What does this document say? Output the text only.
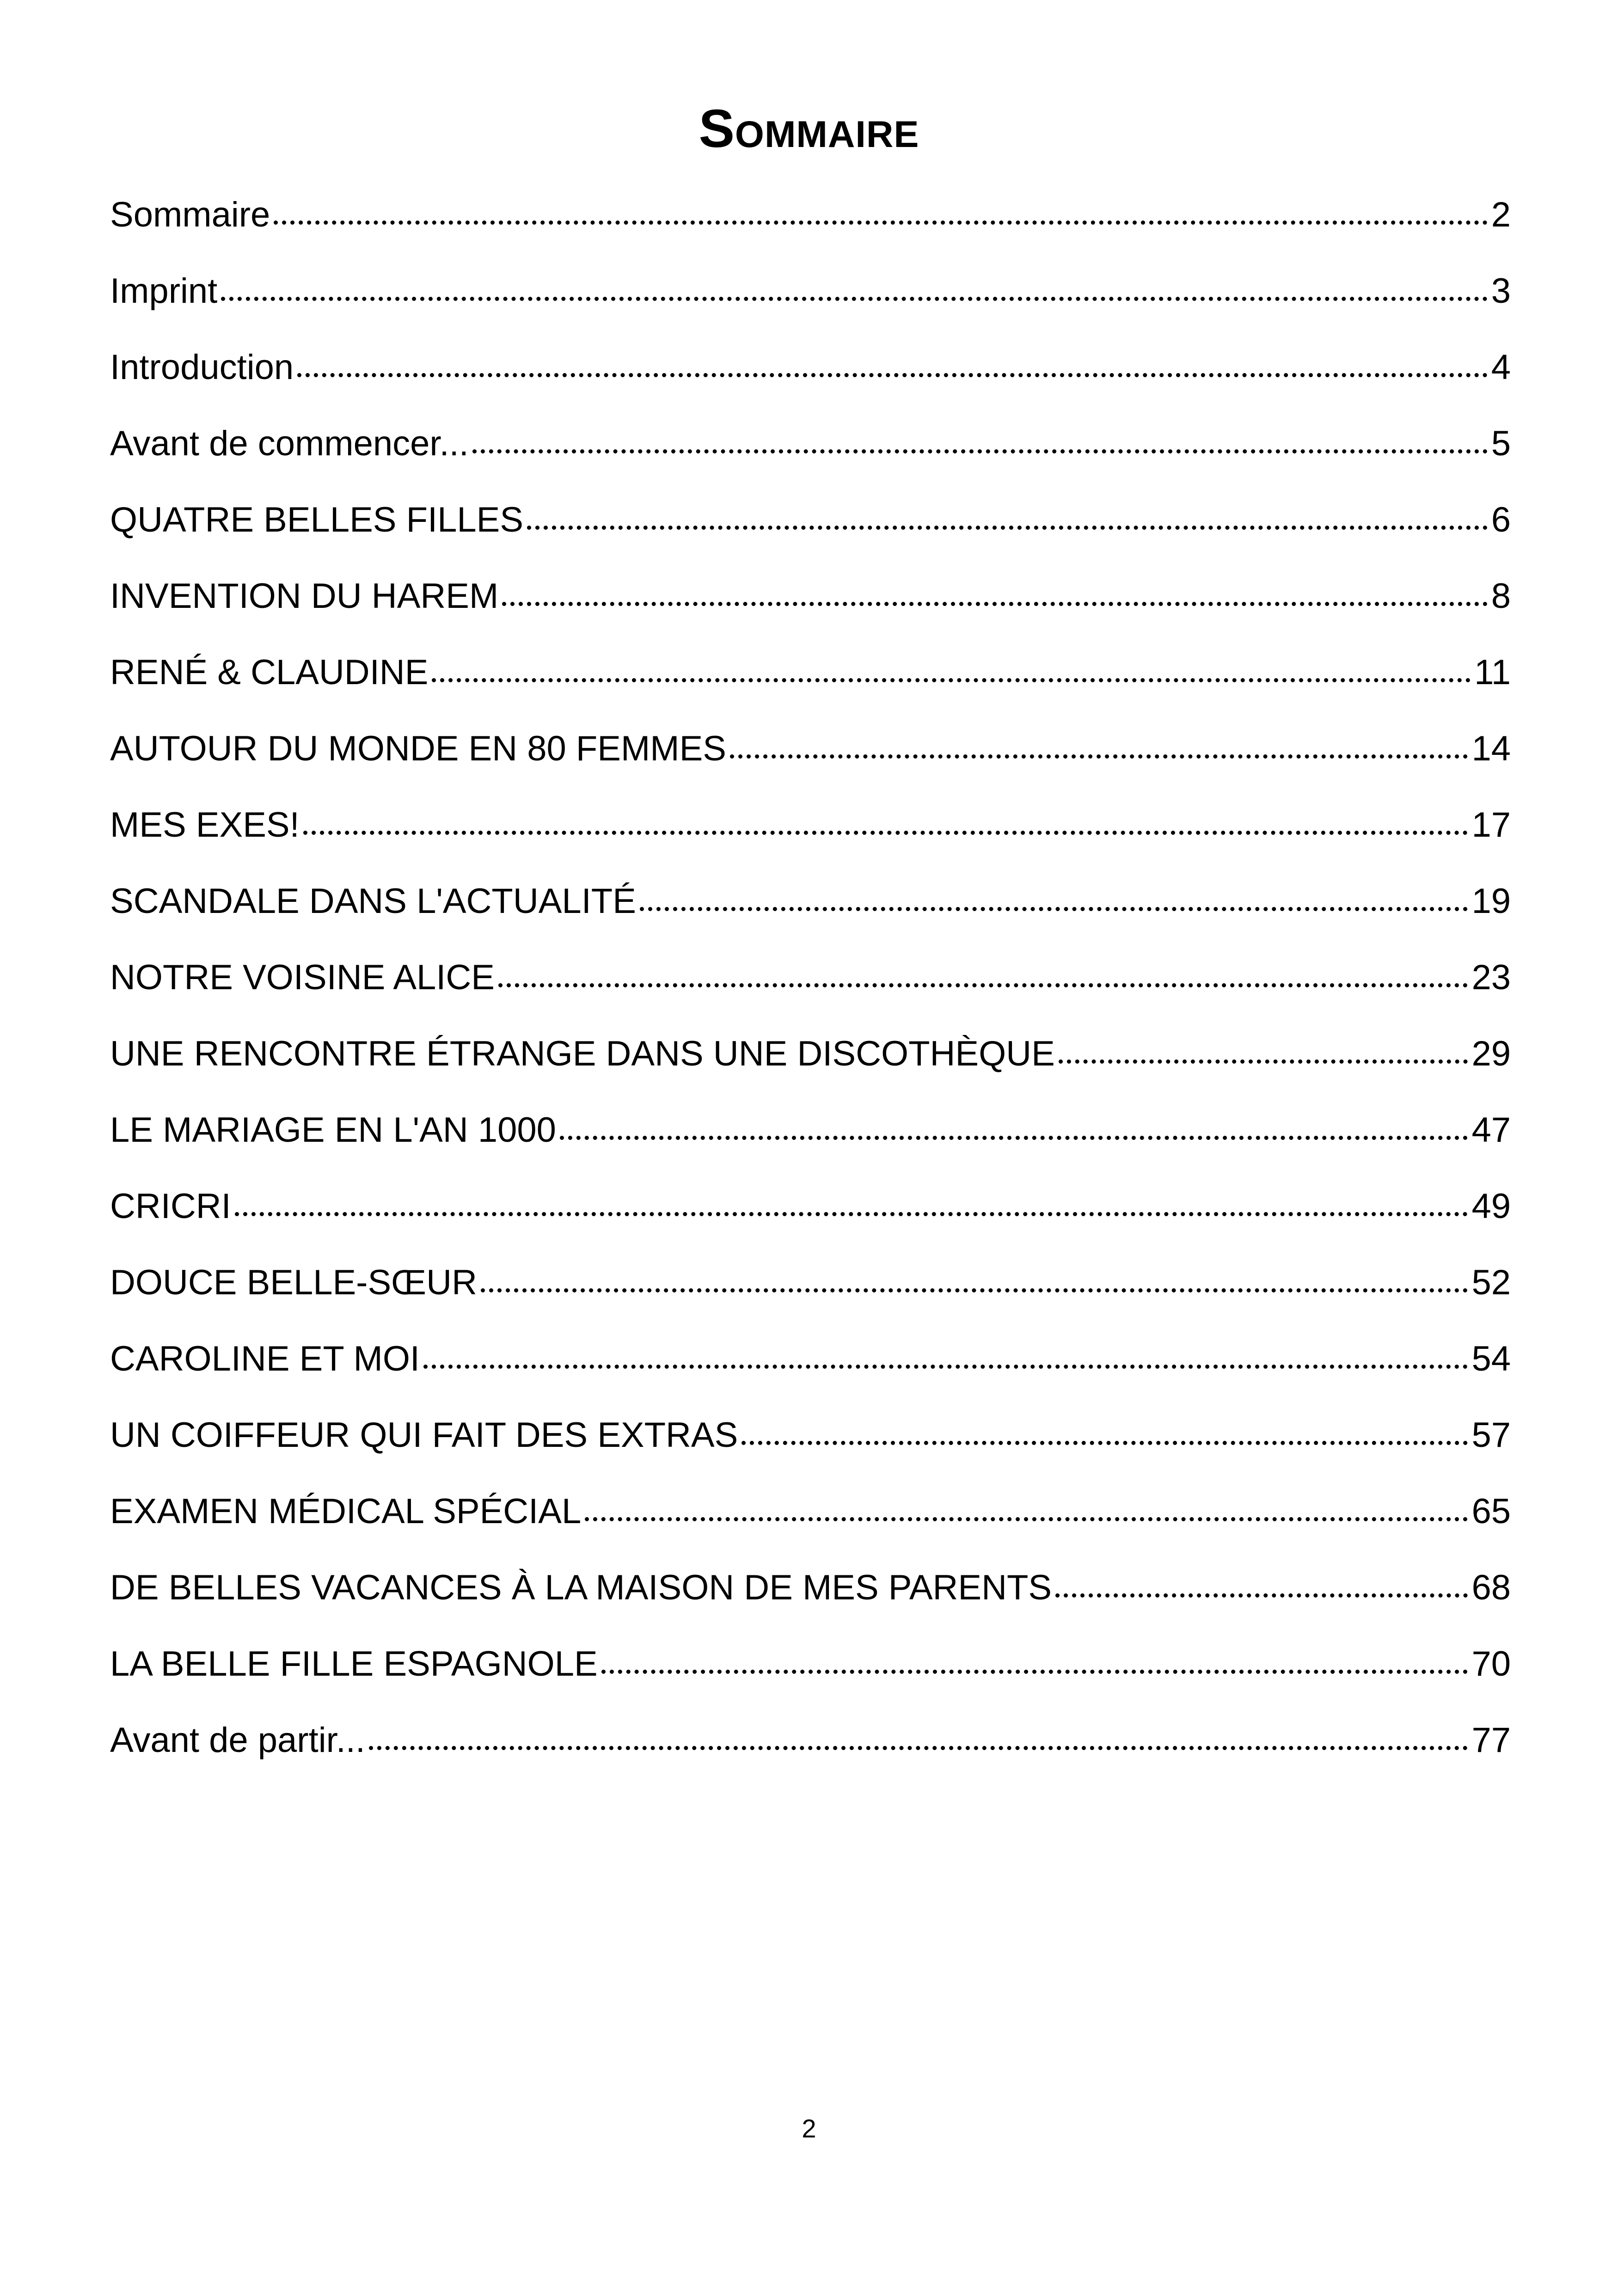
Sommaire
Sommaire	2
Imprint	3
Introduction	4
Avant de commencer...	5
QUATRE BELLES FILLES	6
INVENTION DU HAREM	8
RENÉ & CLAUDINE	11
AUTOUR DU MONDE EN 80 FEMMES	14
MES EXES!	17
SCANDALE DANS L'ACTUALITÉ	19
NOTRE VOISINE ALICE	23
UNE RENCONTRE ÉTRANGE DANS UNE DISCOTHÈQUE	29
LE MARIAGE EN L'AN 1000	47
CRICRI	49
DOUCE BELLE-SŒUR	52
CAROLINE ET MOI	54
UN COIFFEUR QUI FAIT DES EXTRAS	57
EXAMEN MÉDICAL SPÉCIAL	65
DE BELLES VACANCES À LA MAISON DE MES PARENTS	68
LA BELLE FILLE ESPAGNOLE	70
Avant de partir...	77
2
